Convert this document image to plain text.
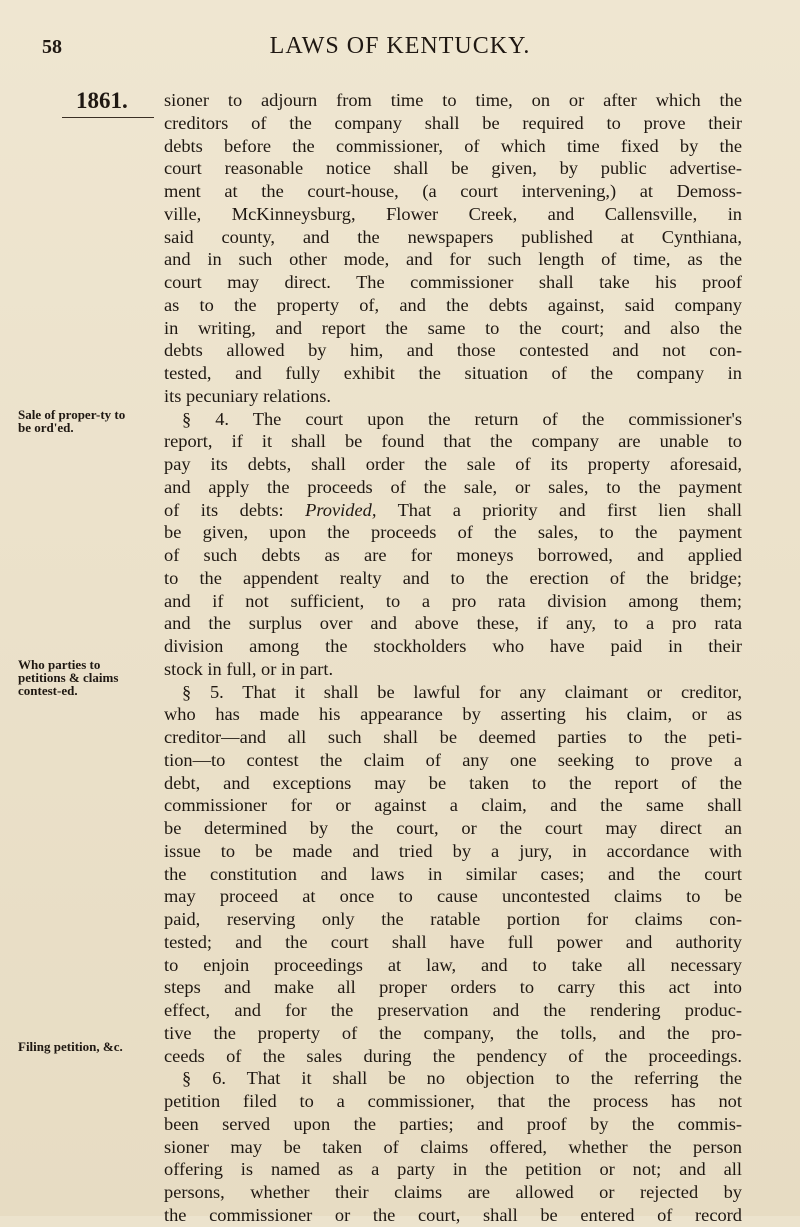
58	LAWS OF KENTUCKY.
1861.
Sale of proper-ty to be ord'ed.
Who parties to petitions & claims contest-ed.
Filing petition, &c.
sioner to adjourn from time to time, on or after which the
creditors of the company shall be required to prove their
debts before the commissioner, of which time fixed by the
court reasonable notice shall be given, by public advertise-
ment at the court-house, (a court intervening,) at Demoss-
ville, McKinneysburg, Flower Creek, and Callensville, in
said county, and the newspapers published at Cynthiana,
and in such other mode, and for such length of time, as the
court may direct. The commissioner shall take his proof
as to the property of, and the debts against, said company
in writing, and report the same to the court; and also the
debts allowed by him, and those contested and not con-
tested, and fully exhibit the situation of the company in
its pecuniary relations.
§ 4. The court upon the return of the commissioner's
report, if it shall be found that the company are unable to
pay its debts, shall order the sale of its property aforesaid,
and apply the proceeds of the sale, or sales, to the payment
of its debts: Provided, That a priority and first lien shall
be given, upon the proceeds of the sales, to the payment
of such debts as are for moneys borrowed, and applied
to the appendent realty and to the erection of the bridge;
and if not sufficient, to a pro rata division among them;
and the surplus over and above these, if any, to a pro rata
division among the stockholders who have paid in their
stock in full, or in part.
§ 5. That it shall be lawful for any claimant or creditor,
who has made his appearance by asserting his claim, or as
creditor—and all such shall be deemed parties to the peti-
tion—to contest the claim of any one seeking to prove a
debt, and exceptions may be taken to the report of the
commissioner for or against a claim, and the same shall
be determined by the court, or the court may direct an
issue to be made and tried by a jury, in accordance with
the constitution and laws in similar cases; and the court
may proceed at once to cause uncontested claims to be
paid, reserving only the ratable portion for claims con-
tested; and the court shall have full power and authority
to enjoin proceedings at law, and to take all necessary
steps and make all proper orders to carry this act into
effect, and for the preservation and the rendering produc-
tive the property of the company, the tolls, and the pro-
ceeds of the sales during the pendency of the proceedings.
§ 6. That it shall be no objection to the referring the
petition filed to a commissioner, that the process has not
been served upon the parties; and proof by the commis-
sioner may be taken of claims offered, whether the person
offering is named as a party in the petition or not; and all
persons, whether their claims are allowed or rejected by
the commissioner or the court, shall be entered of record
